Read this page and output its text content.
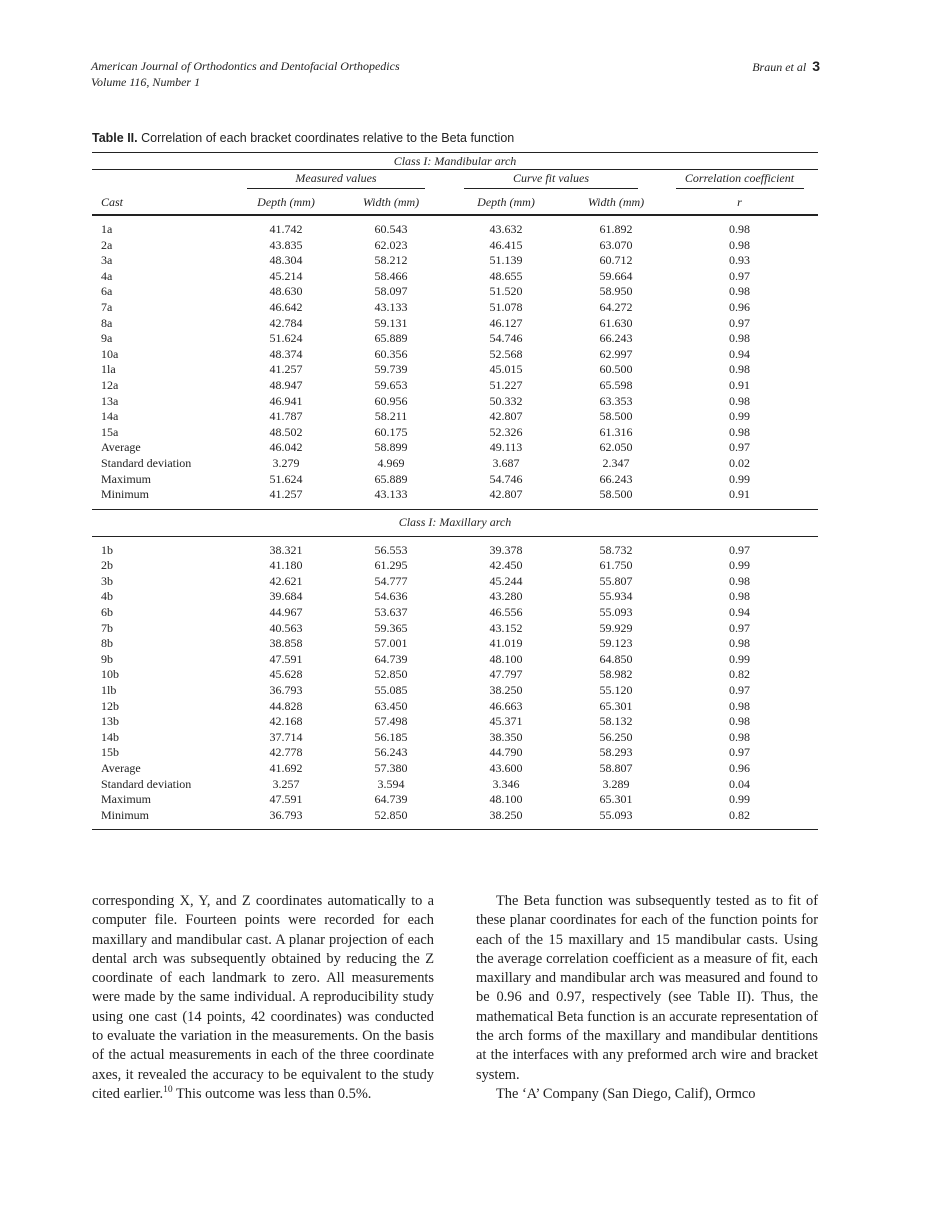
American Journal of Orthodontics and Dentofacial Orthopedics
Volume 116, Number 1
Braun et al 3
Table II. Correlation of each bracket coordinates relative to the Beta function
Class I: Mandibular arch					
	Measured values		Curve fit values		Correlation coefficient
Cast	Depth (mm)	Width (mm)	Depth (mm)	Width (mm)	r

1a	41.742	60.543	43.632	61.892	0.98
2a	43.835	62.023	46.415	63.070	0.98
3a	48.304	58.212	51.139	60.712	0.93
4a	45.214	58.466	48.655	59.664	0.97
6a	48.630	58.097	51.520	58.950	0.98
7a	46.642	43.133	51.078	64.272	0.96
8a	42.784	59.131	46.127	61.630	0.97
9a	51.624	65.889	54.746	66.243	0.98
10a	48.374	60.356	52.568	62.997	0.94
1la	41.257	59.739	45.015	60.500	0.98
12a	48.947	59.653	51.227	65.598	0.91
13a	46.941	60.956	50.332	63.353	0.98
14a	41.787	58.211	42.807	58.500	0.99
15a	48.502	60.175	52.326	61.316	0.98
Average	46.042	58.899	49.113	62.050	0.97
Standard deviation	3.279	4.969	3.687	2.347	0.02
Maximum	51.624	65.889	54.746	66.243	0.99
Minimum	41.257	43.133	42.807	58.500	0.91
Class I: Maxillary arch					

1b	38.321	56.553	39.378	58.732	0.97
2b	41.180	61.295	42.450	61.750	0.99
3b	42.621	54.777	45.244	55.807	0.98
4b	39.684	54.636	43.280	55.934	0.98
6b	44.967	53.637	46.556	55.093	0.94
7b	40.563	59.365	43.152	59.929	0.97
8b	38.858	57.001	41.019	59.123	0.98
9b	47.591	64.739	48.100	64.850	0.99
10b	45.628	52.850	47.797	58.982	0.82
1lb	36.793	55.085	38.250	55.120	0.97
12b	44.828	63.450	46.663	65.301	0.98
13b	42.168	57.498	45.371	58.132	0.98
14b	37.714	56.185	38.350	56.250	0.98
15b	42.778	56.243	44.790	58.293	0.97
Average	41.692	57.380	43.600	58.807	0.96
Standard deviation	3.257	3.594	3.346	3.289	0.04
Maximum	47.591	64.739	48.100	65.301	0.99
Minimum	36.793	52.850	38.250	55.093	0.82

corresponding X, Y, and Z coordinates automatically to a computer file. Fourteen points were recorded for each maxillary and mandibular cast. A planar projection of each dental arch was subsequently obtained by reducing the Z coordinate of each landmark to zero. All measurements were made by the same individual. A reproducibility study using one cast (14 points, 42 coordinates) was conducted to evaluate the variation in the measurements. On the basis of the actual measurements in each of the three coordinate axes, it revealed the accuracy to be equivalent to the study cited earlier.$^{10}$ This outcome was less than 0.5%.

The Beta function was subsequently tested as to fit of these planar coordinates for each of the function points for each of the 15 maxillary and 15 mandibular casts. Using the average correlation coefficient as a measure of fit, each maxillary and mandibular arch was measured and found to be 0.96 and 0.97, respectively (see Table II). Thus, the mathematical Beta function is an accurate representation of the arch forms of the maxillary and mandibular dentitions at the interfaces with any preformed arch wire and bracket system.

The ‘A’ Company (San Diego, Calif), Ormco
